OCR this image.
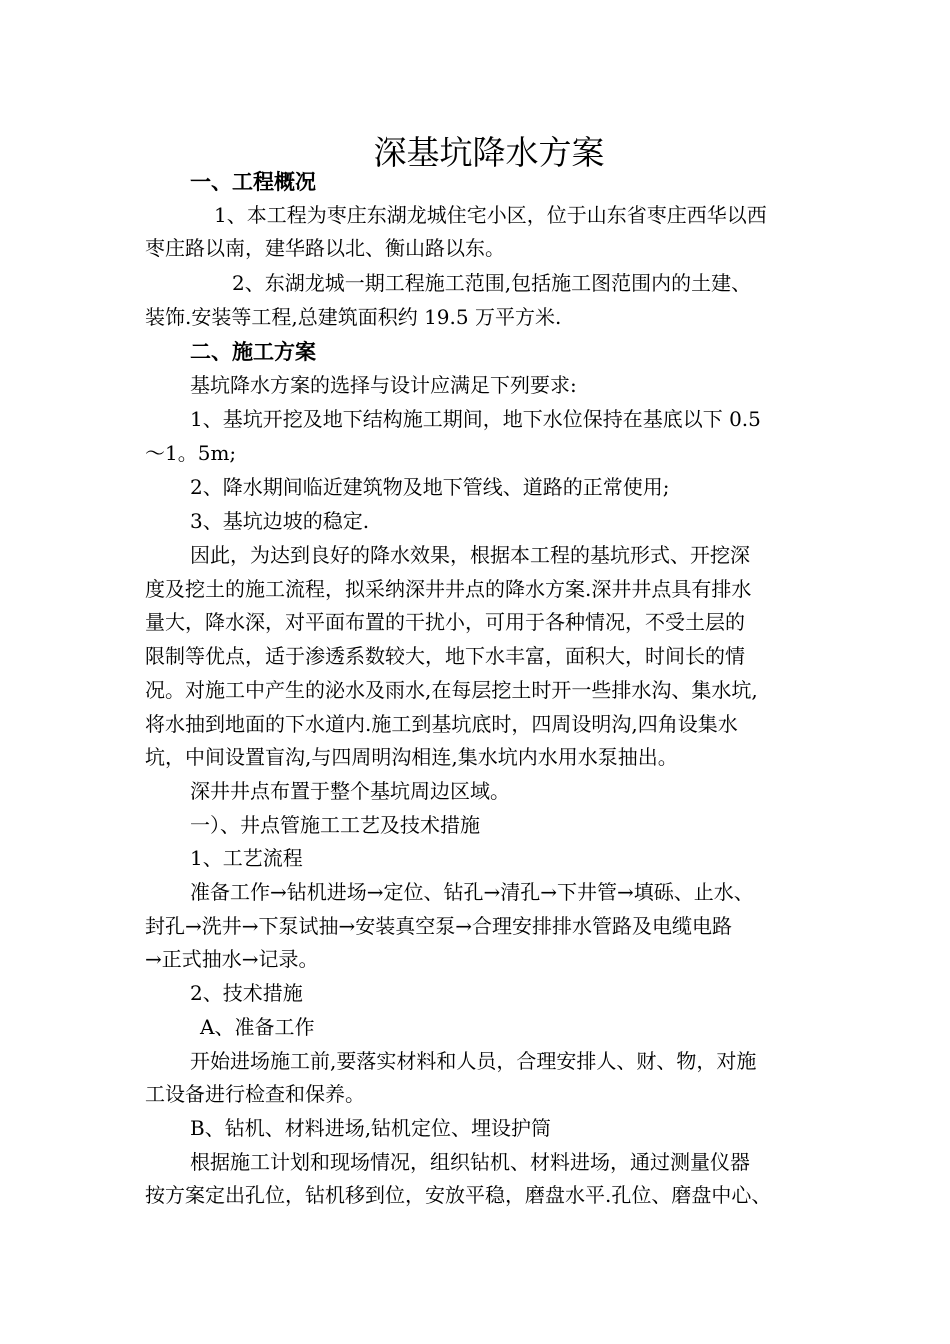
深基坑降水方案
一、工程概况
1、本工程为枣庄东湖龙城住宅小区，位于山东省枣庄西华以西
枣庄路以南，建华路以北、衡山路以东。
2、东湖龙城一期工程施工范围,包括施工图范围内的土建、
装饰.安装等工程,总建筑面积约 19.5 万平方米.
二、施工方案
基坑降水方案的选择与设计应满足下列要求:
1、基坑开挖及地下结构施工期间，地下水位保持在基底以下 0.5
～1。5m;
2、降水期间临近建筑物及地下管线、道路的正常使用;
3、基坑边坡的稳定.
因此，为达到良好的降水效果，根据本工程的基坑形式、开挖深
度及挖土的施工流程，拟采纳深井井点的降水方案.深井井点具有排水
量大，降水深，对平面布置的干扰小，可用于各种情况，不受土层的
限制等优点，适于渗透系数较大，地下水丰富，面积大，时间长的情
况。对施工中产生的泌水及雨水,在每层挖土时开一些排水沟、集水坑,
将水抽到地面的下水道内.施工到基坑底时，四周设明沟,四角设集水
坑，中间设置盲沟,与四周明沟相连,集水坑内水用水泵抽出。
深井井点布置于整个基坑周边区域。
一）、井点管施工工艺及技术措施
1、工艺流程
准备工作→钻机进场→定位、钻孔→清孔→下井管→填砾、止水、
封孔→洗井→下泵试抽→安装真空泵→合理安排排水管路及电缆电路
→正式抽水→记录。
2、技术措施
A、准备工作
开始进场施工前,要落实材料和人员，合理安排人、财、物，对施
工设备进行检查和保养。
B、钻机、材料进场,钻机定位、埋设护筒
根据施工计划和现场情况，组织钻机、材料进场，通过测量仪器
按方案定出孔位，钻机移到位，安放平稳，磨盘水平.孔位、磨盘中心、
